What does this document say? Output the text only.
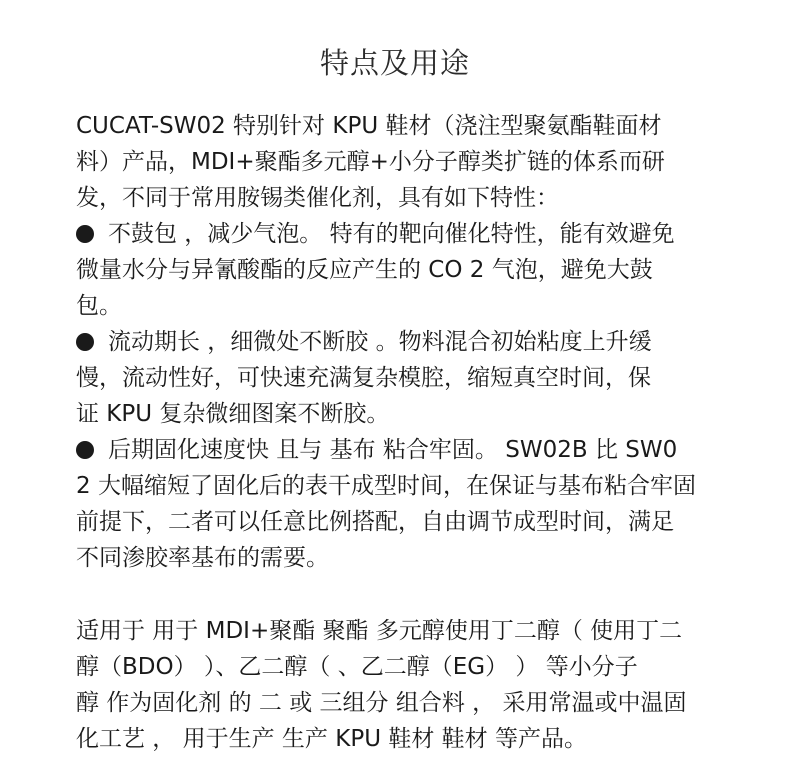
特点及用途
CUCAT-SW02 特别针对 KPU 鞋材（浇注型聚氨酯鞋面材
料）产品，MDI+聚酯多元醇+小分子醇类扩链的体系而研
发，不同于常用胺锡类催化剂，具有如下特性：
不鼓包 ，减少气泡。 特有的靶向催化特性，能有效避免
微量水分与异氰酸酯的反应产生的 CO 2 气泡，避免大鼓
包。
流动期长 ，细微处不断胶 。物料混合初始粘度上升缓
慢，流动性好，可快速充满复杂模腔，缩短真空时间，保
证 KPU 复杂微细图案不断胶。
后期固化速度快 且与 基布 粘合牢固。 SW02B 比 SW0
2 大幅缩短了固化后的表干成型时间，在保证与基布粘合牢固
前提下，二者可以任意比例搭配，自由调节成型时间，满足
不同渗胶率基布的需要。
适用于 用于 MDI+聚酯 聚酯 多元醇使用丁二醇（ 使用丁二
醇（BDO） ）、乙二醇（ 、乙二醇（EG） ） 等小分子
醇 作为固化剂 的 二 或 三组分 组合料 ， 采用常温或中温固
化工艺 ， 用于生产 生产 KPU 鞋材 鞋材 等产品。
